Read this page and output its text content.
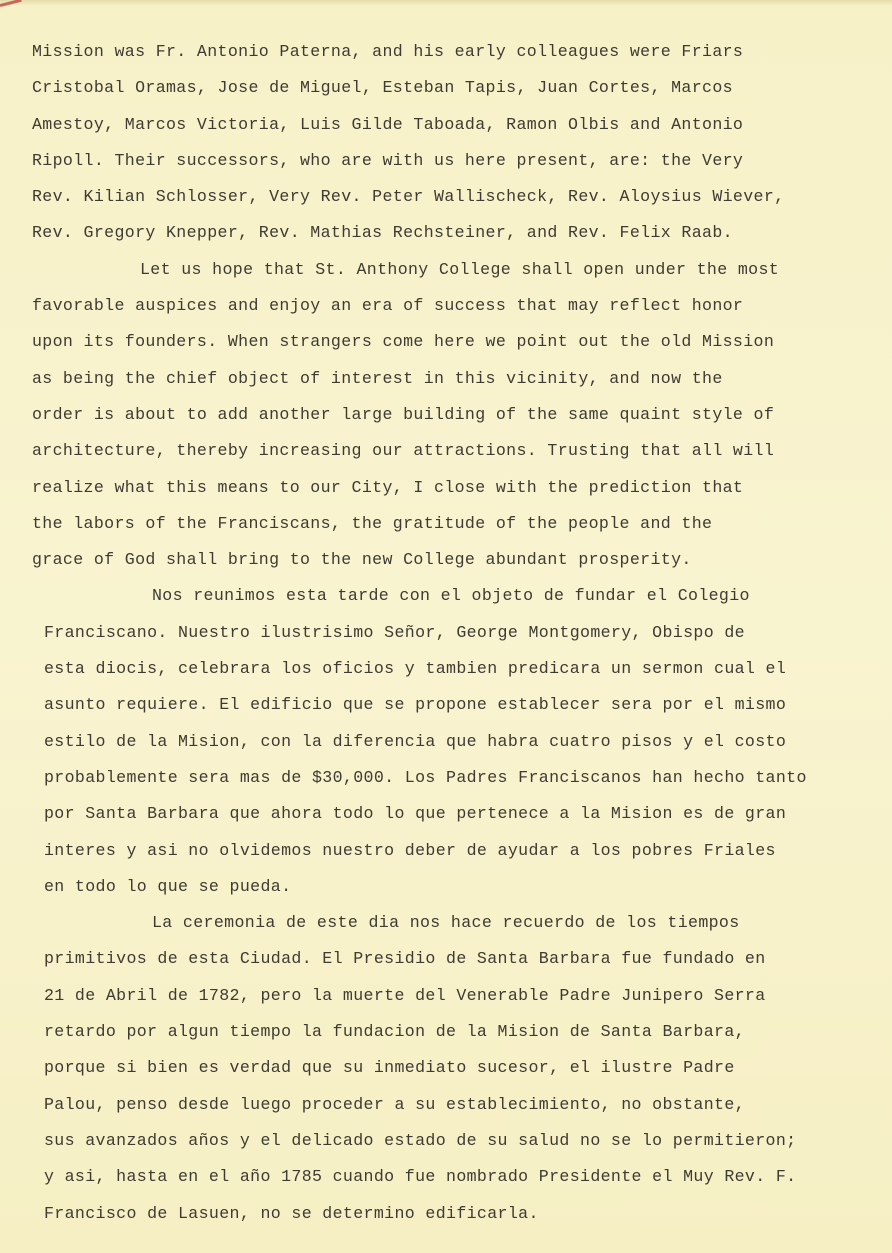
Mission was Fr. Antonio Paterna, and his early colleagues were Friars
Cristobal Oramas, Jose de Miguel, Esteban Tapis, Juan Cortes, Marcos
Amestoy, Marcos Victoria, Luis Gilde Taboada, Ramon Olbis and Antonio
Ripoll. Their successors, who are with us here present, are: the Very
Rev. Kilian Schlosser, Very Rev. Peter Wallischeck, Rev. Aloysius Wiever,
Rev. Gregory Knepper, Rev. Mathias Rechsteiner, and Rev. Felix Raab.
Let us hope that St. Anthony College shall open under the most
favorable auspices and enjoy an era of success that may reflect honor
upon its founders. When strangers come here we point out the old Mission
as being the chief object of interest in this vicinity, and now the
order is about to add another large building of the same quaint style of
architecture, thereby increasing our attractions. Trusting that all will
realize what this means to our City, I close with the prediction that
the labors of the Franciscans, the gratitude of the people and the
grace of God shall bring to the new College abundant prosperity.
Nos reunimos esta tarde con el objeto de fundar el Colegio
Franciscano. Nuestro ilustrisimo Señor, George Montgomery, Obispo de
esta diocis, celebrara los oficios y tambien predicara un sermon cual el
asunto requiere. El edificio que se propone establecer sera por el mismo
estilo de la Mision, con la diferencia que habra cuatro pisos y el costo
probablemente sera mas de $30,000. Los Padres Franciscanos han hecho tanto
por Santa Barbara que ahora todo lo que pertenece a la Mision es de gran
interes y asi no olvidemos nuestro deber de ayudar a los pobres Friales
en todo lo que se pueda.
La ceremonia de este dia nos hace recuerdo de los tiempos
primitivos de esta Ciudad. El Presidio de Santa Barbara fue fundado en
21 de Abril de 1782, pero la muerte del Venerable Padre Junipero Serra
retardo por algun tiempo la fundacion de la Mision de Santa Barbara,
porque si bien es verdad que su inmediato sucesor, el ilustre Padre
Palou, penso desde luego proceder a su establecimiento, no obstante,
sus avanzados años y el delicado estado de su salud no se lo permitieron;
y asi, hasta en el año 1785 cuando fue nombrado Presidente el Muy Rev. F.
Francisco de Lasuen, no se determino edificarla.
